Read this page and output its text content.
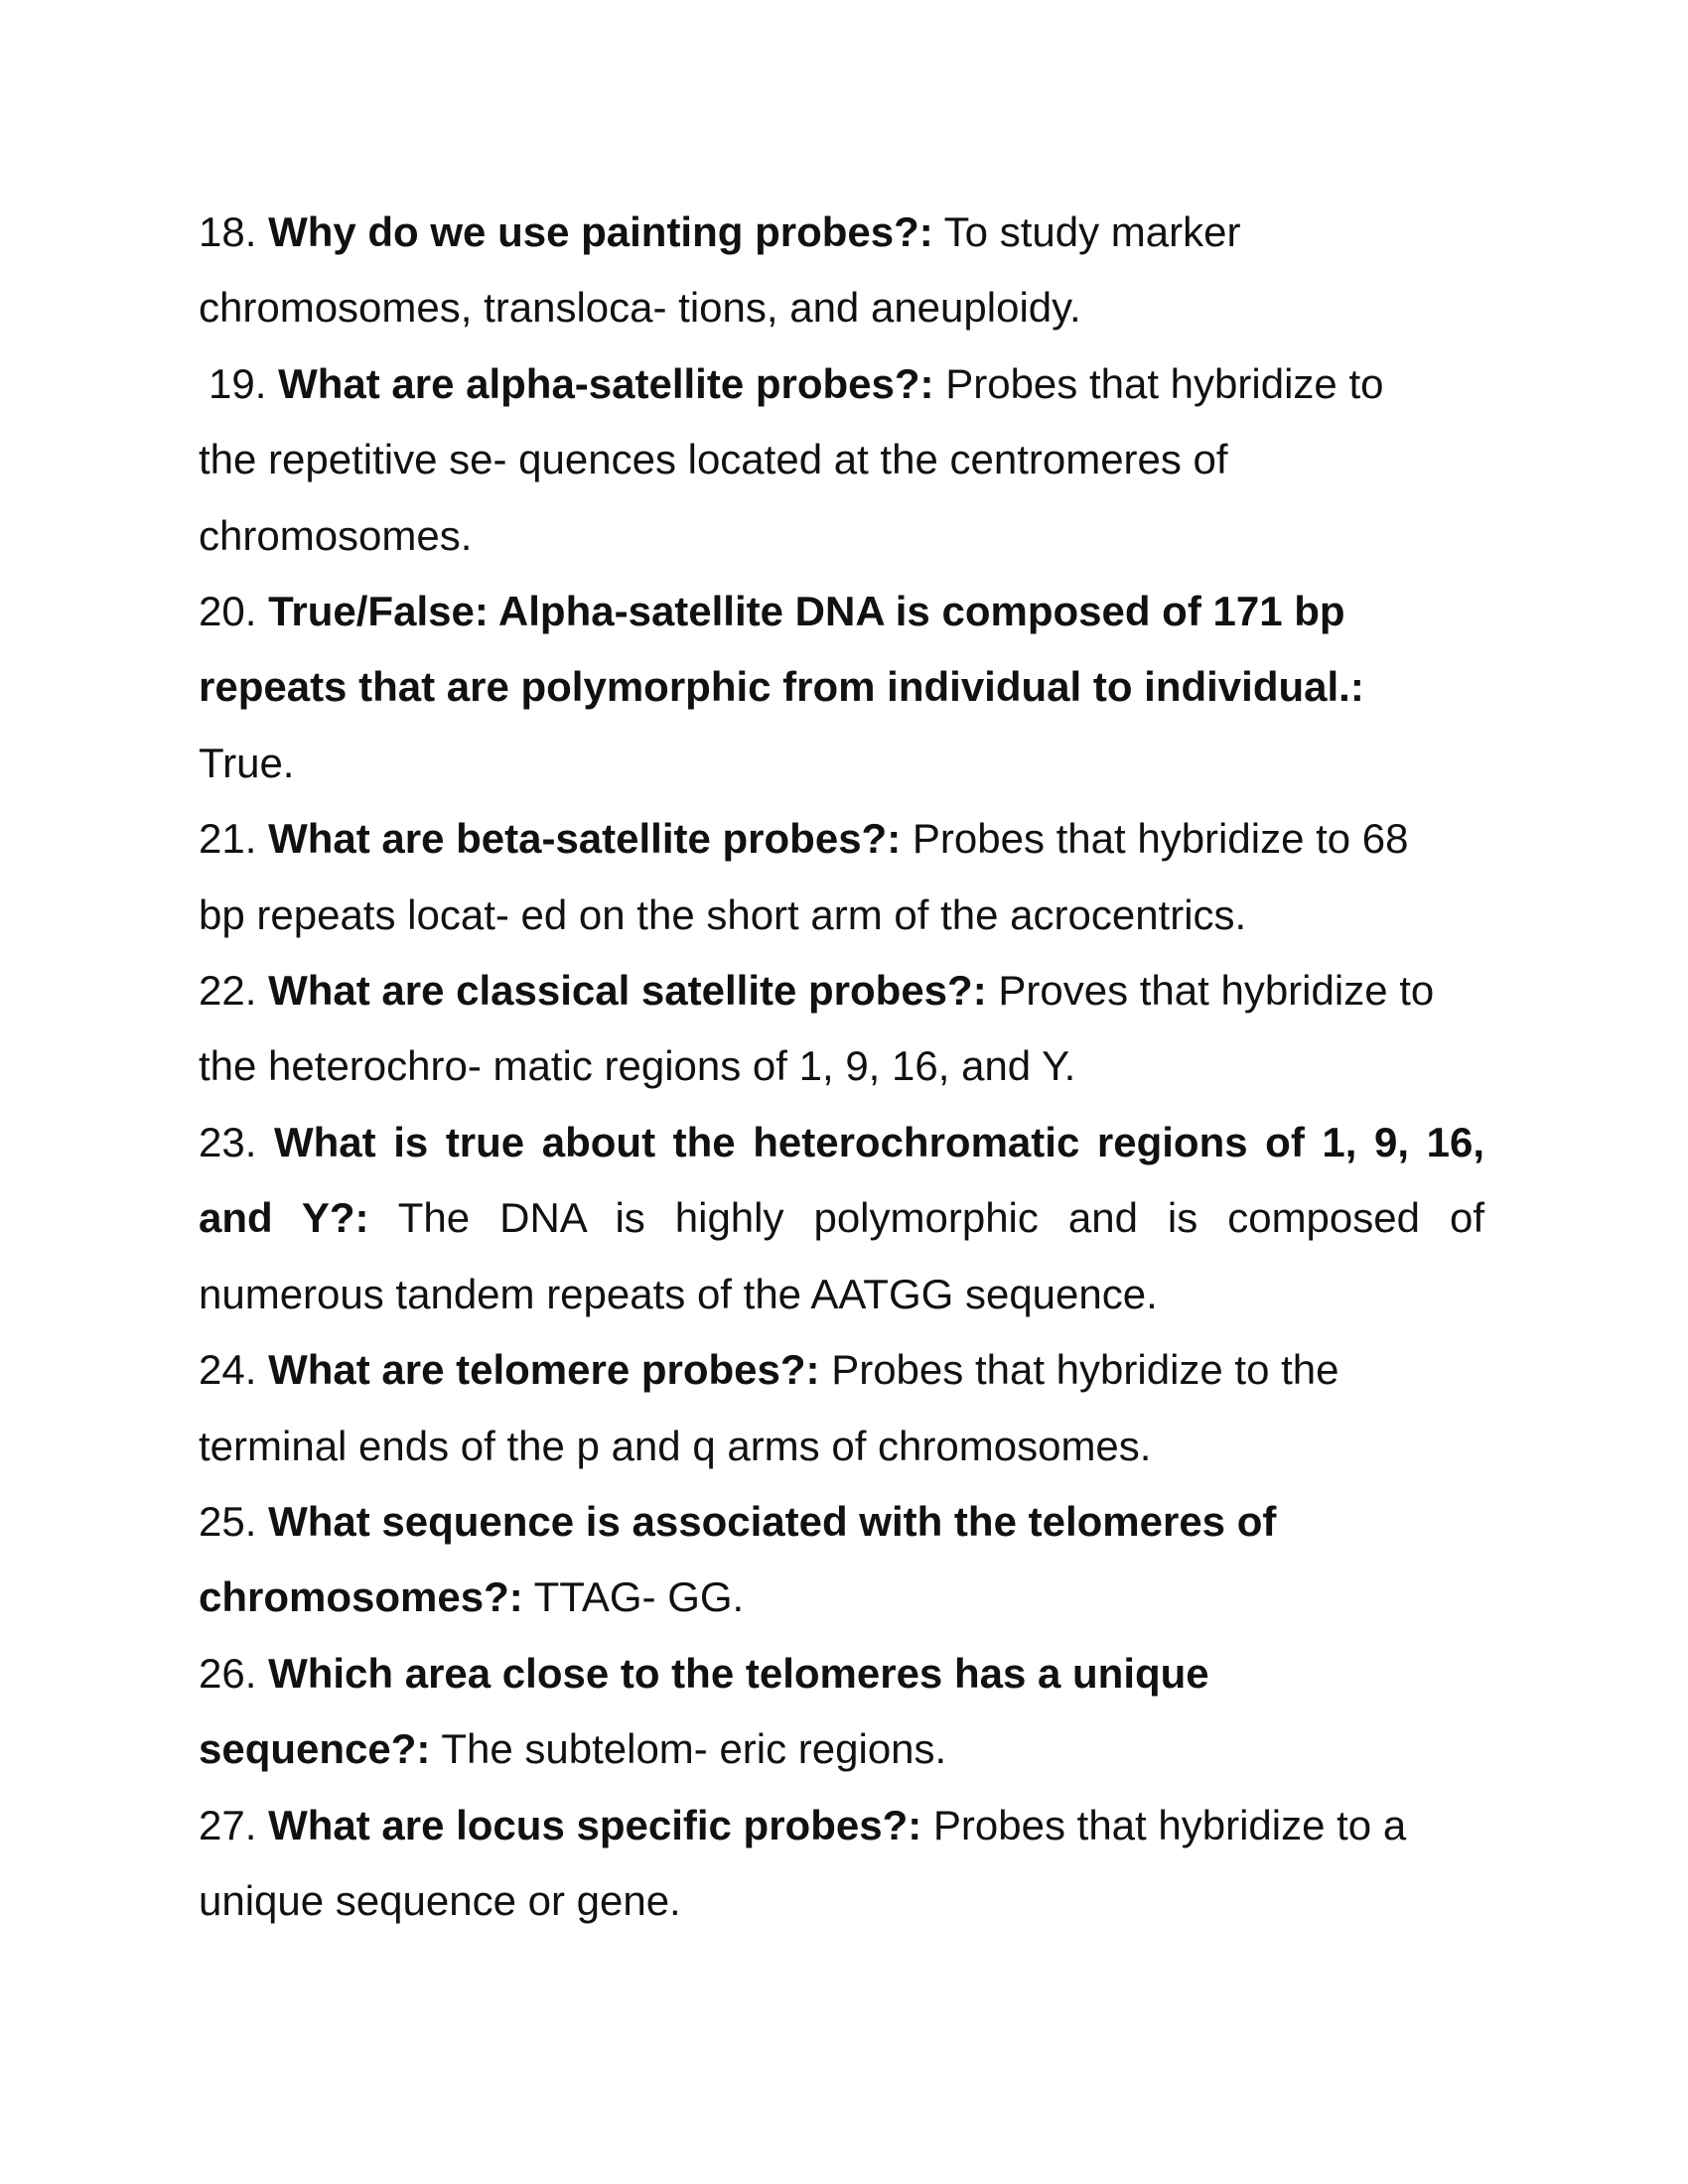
18. Why do we use painting probes?: To study marker chromosomes, transloca- tions, and aneuploidy.

19. What are alpha-satellite probes?: Probes that hybridize to the repetitive se- quences located at the centromeres of chromosomes.

20. True/False: Alpha-satellite DNA is composed of 171 bp repeats that are polymorphic from individual to individual.: True.

21. What are beta-satellite probes?: Probes that hybridize to 68 bp repeats locat- ed on the short arm of the acrocentrics.

22. What are classical satellite probes?: Proves that hybridize to the heterochro- matic regions of 1, 9, 16, and Y.

23. What is true about the heterochromatic regions of 1, 9, 16, and Y?: The DNA is highly polymorphic and is composed of numerous tandem repeats of the AATGG sequence.

24. What are telomere probes?: Probes that hybridize to the terminal ends of the p and q arms of chromosomes.

25. What sequence is associated with the telomeres of chromosomes?: TTAG- GG.

26. Which area close to the telomeres has a unique sequence?: The subtelom- eric regions.

27. What are locus specific probes?: Probes that hybridize to a unique sequence or gene.
